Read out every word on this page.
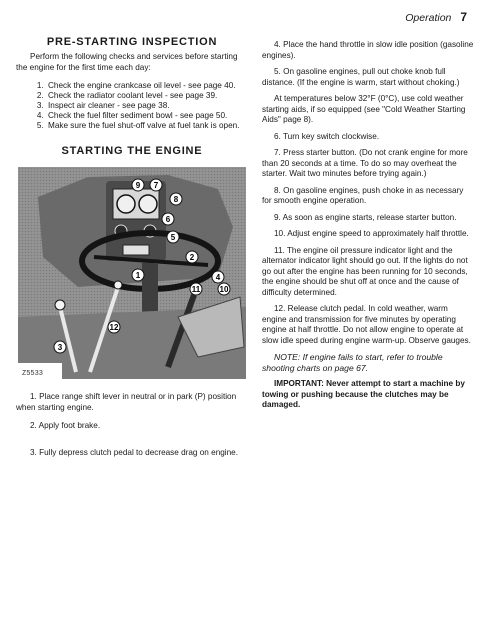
Operation 7
PRE-STARTING INSPECTION

Perform the following checks and services before starting the engine for the first time each day:

1. Check the engine crankcase oil level - see page 40.
2. Check the radiator coolant level - see page 39.
3. Inspect air cleaner - see page 38.
4. Check the fuel filter sediment bowl - see page 50.
5. Make sure the fuel shut-off valve at fuel tank is open.
STARTING THE ENGINE
Z5533
1
2
3
4
5
6
7
8
9
10
11
12

1. Place range shift lever in neutral or in park (P) position when starting engine.

2. Apply foot brake.

3. Fully depress clutch pedal to decrease drag on engine.

4. Place the hand throttle in slow idle position (gasoline engines).

5. On gasoline engines, pull out choke knob full distance. (If the engine is warm, start without choking.)

At temperatures below 32°F (0°C), use cold weather starting aids, if so equipped (see "Cold Weather Starting Aids" page 8).

6. Turn key switch clockwise.

7. Press starter button. (Do not crank engine for more than 20 seconds at a time. To do so may overheat the starter. Wait two minutes before trying again.)

8. On gasoline engines, push choke in as necessary for smooth engine operation.

9. As soon as engine starts, release starter button.

10. Adjust engine speed to approximately half throttle.

11. The engine oil pressure indicator light and the alternator indicator light should go out. If the lights do not go out after the engine has been running for 10 seconds, the engine should be shut off at once and the cause of difficulty determined.

12. Release clutch pedal. In cold weather, warm engine and transmission for five minutes by operating engine at half throttle. Do not allow engine to operate at slow idle speed during engine warm-up. Observe gauges.

NOTE: If engine fails to start, refer to trouble shooting charts on page 67.

IMPORTANT: Never attempt to start a machine by towing or pushing because the clutches may be damaged.
